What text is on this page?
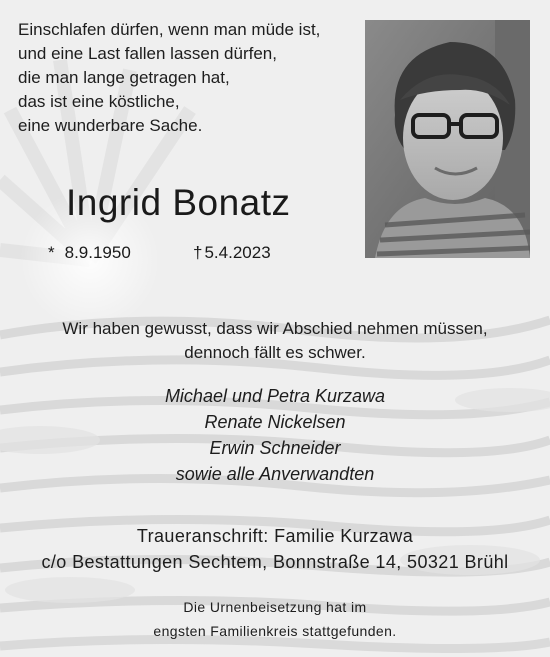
Einschlafen dürfen, wenn man müde ist,
und eine Last fallen lassen dürfen,
die man lange getragen hat,
das ist eine köstliche,
eine wunderbare Sache.
Ingrid Bonatz
* 8.9.1950	† 5.4.2023
Wir haben gewusst, dass wir Abschied nehmen müssen,
dennoch fällt es schwer.
Michael und Petra Kurzawa
Renate Nickelsen
Erwin Schneider
sowie alle Anverwandten
Traueranschrift: Familie Kurzawa
c/o Bestattungen Sechtem, Bonnstraße 14, 50321 Brühl
Die Urnenbeisetzung hat im
engsten Familienkreis stattgefunden.
